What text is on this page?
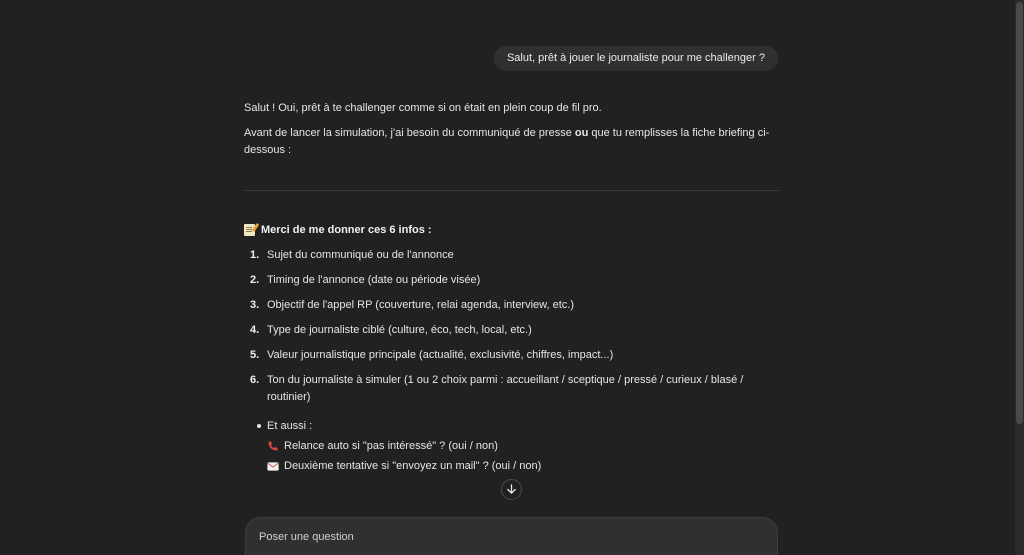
Salut, prêt à jouer le journaliste pour me challenger ?

Salut ! Oui, prêt à te challenger comme si on était en plein coup de fil pro.

Avant de lancer la simulation, j'ai besoin du communiqué de presse ou que tu remplisses la fiche briefing ci-dessous :

Merci de me donner ces 6 infos :
1. Sujet du communiqué ou de l'annonce
2. Timing de l'annonce (date ou période visée)
3. Objectif de l'appel RP (couverture, relai agenda, interview, etc.)
4. Type de journaliste ciblé (culture, éco, tech, local, etc.)
5. Valeur journalistique principale (actualité, exclusivité, chiffres, impact...)
6. Ton du journaliste à simuler (1 ou 2 choix parmi : accueillant / sceptique / pressé / curieux / blasé / routinier)
Et aussi :
Relance auto si "pas intéressé" ? (oui / non)
Deuxième tentative si "envoyez un mail" ? (oui / non)
Poser une question
